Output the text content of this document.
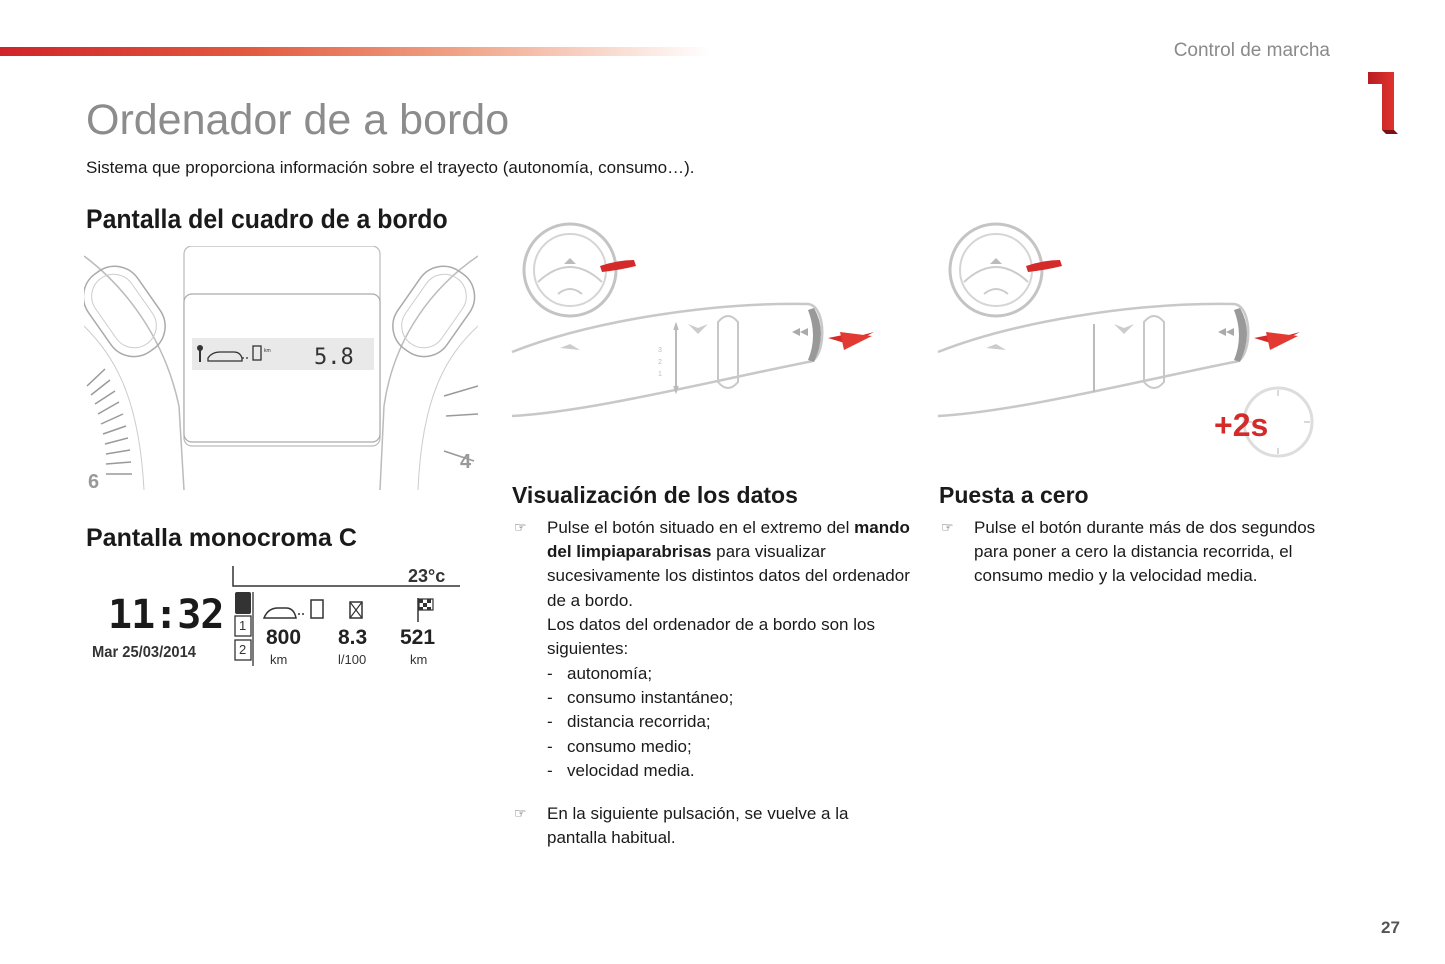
Control de marcha
1
Ordenador de a bordo
Sistema que proporciona información sobre el trayecto (autonomía, consumo…).
Pantalla del cuadro de a bordo
6
km 5.8
4
Pantalla monocroma C
11:32
Mar 25/03/2014
23°c
1
2
800
km
8.3
l/100
521
km
3
2
1
+2s
Visualización de los datos
☞ Pulse el botón situado en el extremo del mando del limpiaparabrisas para visualizar sucesivamente los distintos datos del ordenador de a bordo.
Los datos del ordenador de a bordo son los siguientes:
- autonomía;
- consumo instantáneo;
- distancia recorrida;
- consumo medio;
- velocidad media.
☞ En la siguiente pulsación, se vuelve a la pantalla habitual.
Puesta a cero
☞ Pulse el botón durante más de dos segundos para poner a cero la distancia recorrida, el consumo medio y la velocidad media.
27
